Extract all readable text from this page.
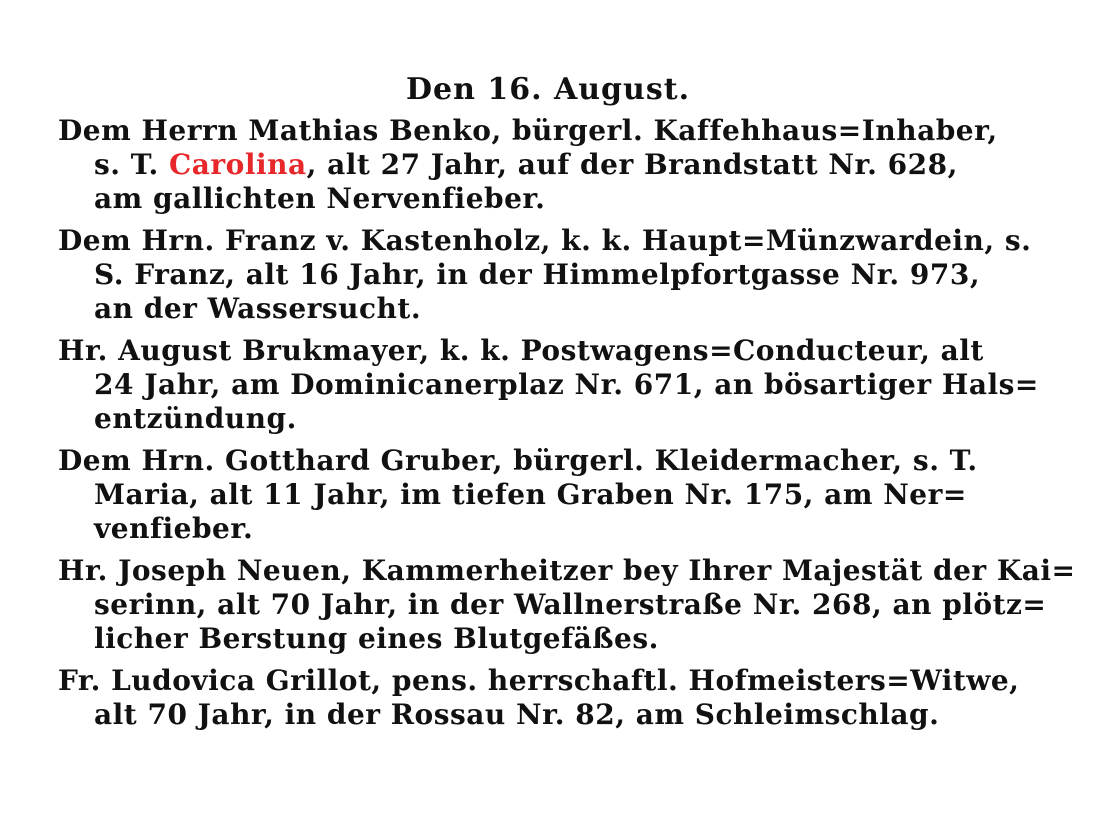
Den 16. August.
Dem Herrn Mathias Benko, bürgerl. Kaffehhaus=Inhaber,
s. T. Carolina, alt 27 Jahr, auf der Brandstatt Nr. 628,
am gallichten Nervenfieber.
Dem Hrn. Franz v. Kastenholz, k. k. Haupt=Münzwardein, s.
S. Franz, alt 16 Jahr, in der Himmelpfortgasse Nr. 973,
an der Wassersucht.
Hr. August Brukmayer, k. k. Postwagens=Conducteur, alt
24 Jahr, am Dominicanerplaz Nr. 671, an bösartiger Hals=
entzündung.
Dem Hrn. Gotthard Gruber, bürgerl. Kleidermacher, s. T.
Maria, alt 11 Jahr, im tiefen Graben Nr. 175, am Ner=
venfieber.
Hr. Joseph Neuen, Kammerheitzer bey Ihrer Majestät der Kai=
serinn, alt 70 Jahr, in der Wallnerstraße Nr. 268, an plötz=
licher Berstung eines Blutgefäßes.
Fr. Ludovica Grillot, pens. herrschaftl. Hofmeisters=Witwe,
alt 70 Jahr, in der Rossau Nr. 82, am Schleimschlag.
